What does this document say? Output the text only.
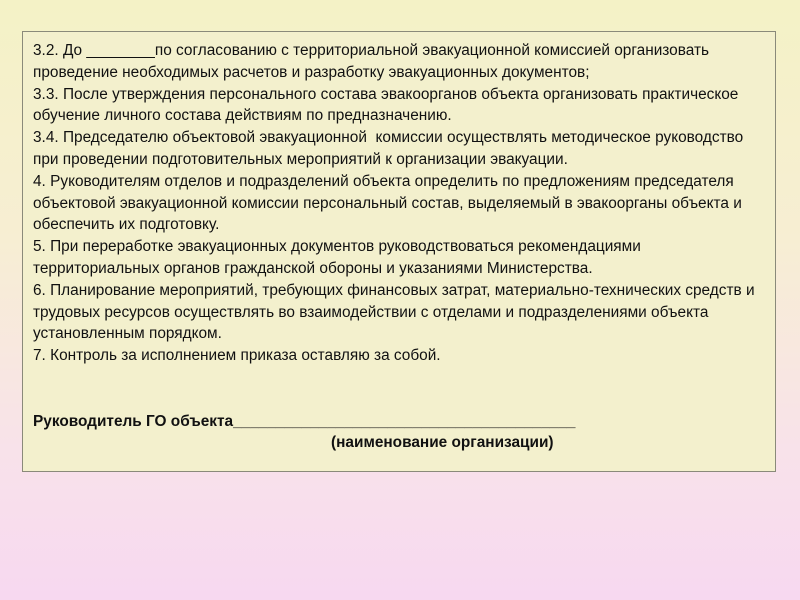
3.2. До ________по согласованию с территориальной эвакуационной комиссией организовать проведение необходимых расчетов и разработку эвакуационных документов;

3.3. После утверждения персонального состава эвакоорганов объекта организовать практическое обучение личного состава действиям по предназначению.

3.4. Председателю объектовой эвакуационной  комиссии осуществлять методическое руководство при проведении подготовительных мероприятий к организации эвакуации.

4. Руководителям отделов и подразделений объекта определить по предложениям председателя объектовой эвакуационной комиссии персональный состав, выделяемый в эвакоорганы объекта и обеспечить их подготовку.

5. При переработке эвакуационных документов руководствоваться рекомендациями территориальных органов гражданской обороны и указаниями Министерства.

6. Планирование мероприятий, требующих финансовых затрат, материально-технических средств и трудовых ресурсов осуществлять во взаимодействии с отделами и подразделениями объекта установленным порядком.

7. Контроль за исполнением приказа оставляю за собой.

Руководитель ГО объекта________________________________________

(наименование организации)
